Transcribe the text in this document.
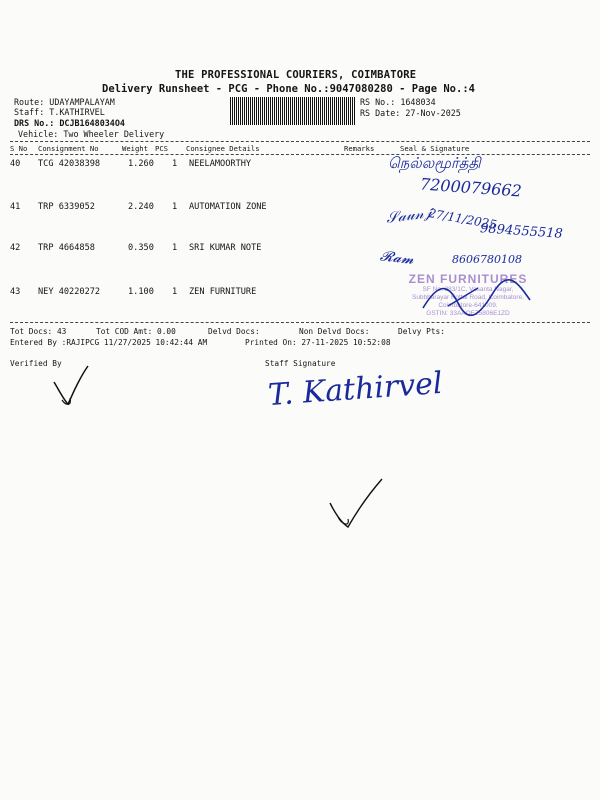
THE PROFESSIONAL COURIERS, COIMBATORE
Delivery Runsheet - PCG - Phone No.:9047080280 - Page No.:4
Route: UDAYAMPALAYAM
Staff: T.KATHIRVEL
DRS No.: DCJB1648034O4
Vehicle: Two Wheeler Delivery
RS No.: 1648034
RS Date: 27-Nov-2025
S No Consignment No	Weight PCS	Consignee Details	Remarks	Seal & Signature
40 TCG 42038398	1.260 1 NEELAMOORTHY
41 TRP 6339052	2.240 1 AUTOMATION ZONE
42 TRP 4664858	0.350 1 SRI KUMAR NOTE
43 NEY 40220272	1.100 1 ZEN FURNITURE
Tot Docs: 43	Tot COD Amt: 0.00	Delvd Docs:	Non Delvd Docs:	Delvy Pts:
Entered By :RAJIPCG 11/27/2025 10:42:44 AM	Printed On: 27-11-2025 10:52:08
Verified By	Staff Signature
ZEN FURNITURES
SF No. 283/1C, Vasanta Nagar,
Subbharayar Kottai Road, Coimbatore,
Coimbatore-641009.
GSTIN: 33AAOFZ5806E1ZD
நெல்லமூர்த்தி
7200079662
𝒮𝒶𝓊𝓃𝒿
27/11/2025
9894555518
𝓡𝓪𝓶	8606780108
T. Kathirvel
